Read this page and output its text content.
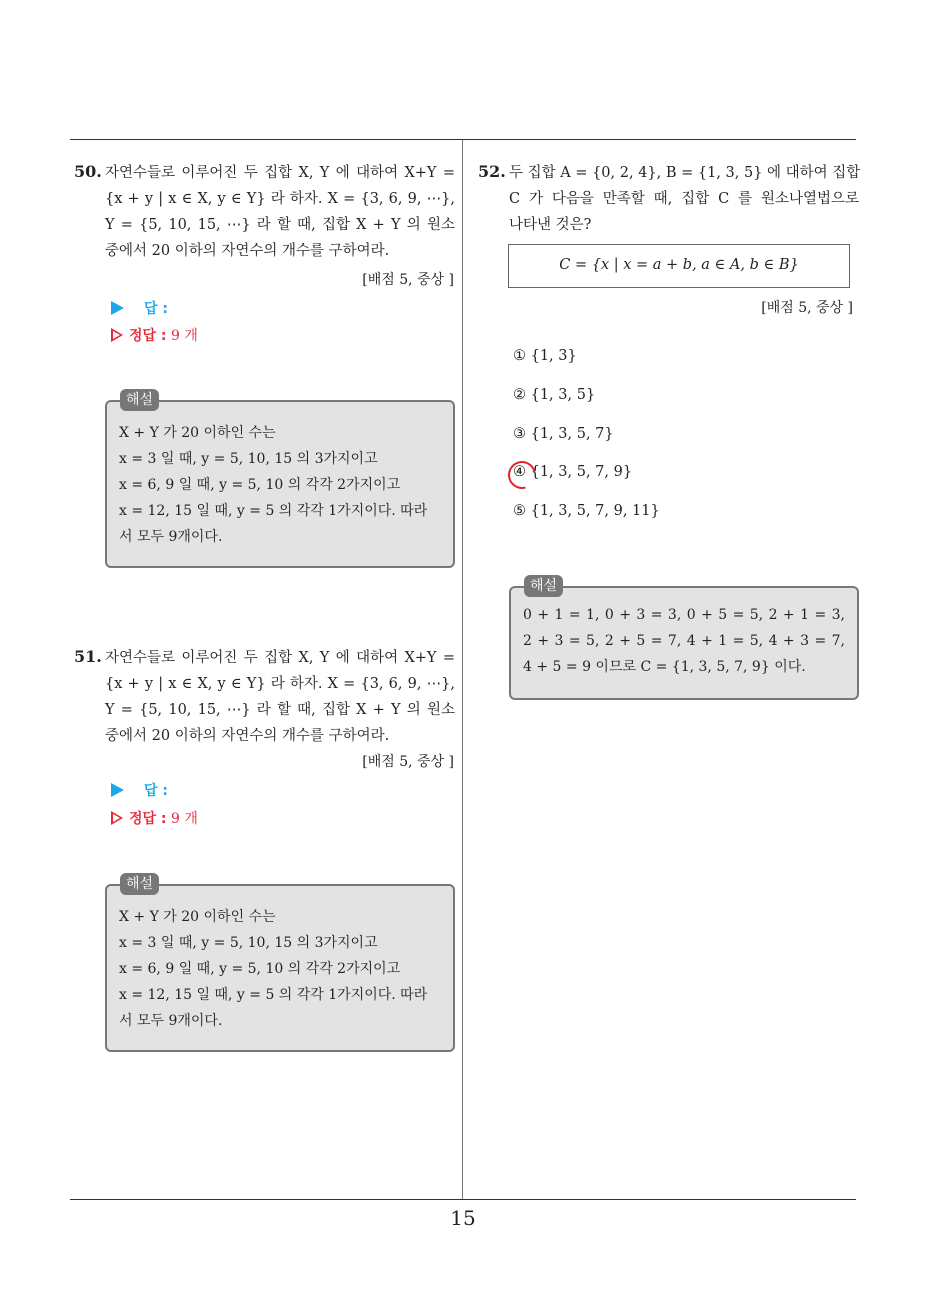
50. 자연수들로 이루어진 두 집합 X, Y 에 대하여 X+Y =
{x + y | x ∈ X, y ∈ Y} 라 하자. X = {3, 6, 9, ⋯},
Y = {5, 10, 15, ⋯} 라 할 때, 집합 X + Y 의 원소
중에서 20 이하의 자연수의 개수를 구하여라.
[배점 5, 중상 ]
답 :
정답 : 9 개
X + Y 가 20 이하인 수는
x = 3 일 때, y = 5, 10, 15 의 3가지이고
x = 6, 9 일 때, y = 5, 10 의 각각 2가지이고
x = 12, 15 일 때, y = 5 의 각각 1가지이다. 따라
서 모두 9개이다.
해설
51. 자연수들로 이루어진 두 집합 X, Y 에 대하여 X+Y =
{x + y | x ∈ X, y ∈ Y} 라 하자. X = {3, 6, 9, ⋯},
Y = {5, 10, 15, ⋯} 라 할 때, 집합 X + Y 의 원소
중에서 20 이하의 자연수의 개수를 구하여라.
[배점 5, 중상 ]
답 :
정답 : 9 개
X + Y 가 20 이하인 수는
x = 3 일 때, y = 5, 10, 15 의 3가지이고
x = 6, 9 일 때, y = 5, 10 의 각각 2가지이고
x = 12, 15 일 때, y = 5 의 각각 1가지이다. 따라
서 모두 9개이다.
해설
52. 두 집합 A = {0, 2, 4}, B = {1, 3, 5} 에 대하여 집합
C 가 다음을 만족할 때, 집합 C 를 원소나열법으로
나타낸 것은?
C = {x | x = a + b, a ∈ A, b ∈ B}
[배점 5, 중상 ]
① {1, 3}
② {1, 3, 5}
③ {1, 3, 5, 7}
④ {1, 3, 5, 7, 9}
⑤ {1, 3, 5, 7, 9, 11}
0 + 1 = 1, 0 + 3 = 3, 0 + 5 = 5, 2 + 1 = 3,
2 + 3 = 5, 2 + 5 = 7, 4 + 1 = 5, 4 + 3 = 7,
4 + 5 = 9 이므로 C = {1, 3, 5, 7, 9} 이다.
해설
15
